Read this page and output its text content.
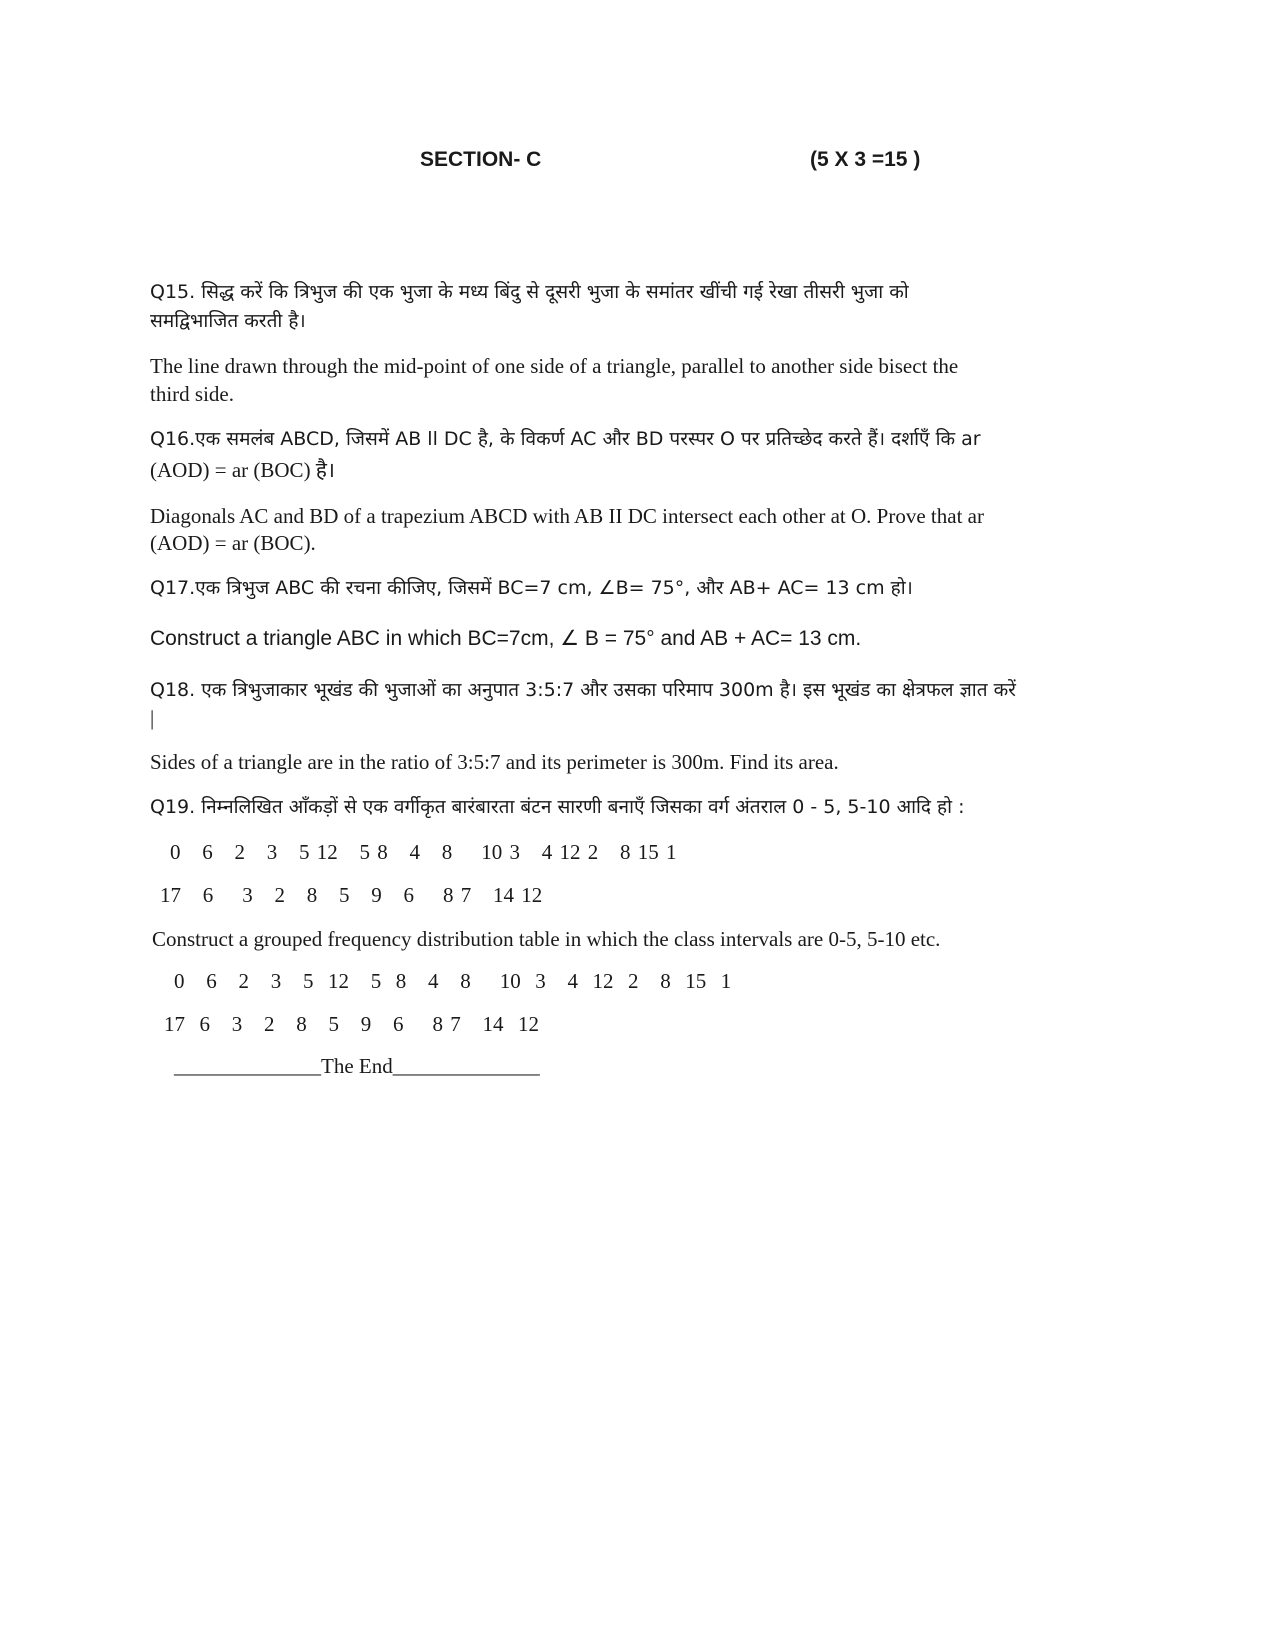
SECTION- C	(5 X 3 =15 )
Q15. सिद्ध करें कि त्रिभुज की एक भुजा के मध्य बिंदु से दूसरी भुजा के समांतर खींची गई रेखा तीसरी भुजा को
समद्विभाजित करती है।
The line drawn through the mid-point of one side of a triangle, parallel to another side bisect the
third side.
Q16.एक समलंब ABCD, जिसमें AB ll DC है, के विकर्ण AC और BD परस्पर O पर प्रतिच्छेद करते हैं। दर्शाएँ कि ar
(AOD) = ar (BOC) है।
Diagonals AC and BD of a trapezium ABCD with AB II DC intersect each other at O. Prove that ar
(AOD) = ar (BOC).
Q17.एक त्रिभुज ABC की रचना कीजिए, जिसमें BC=7 cm, ∠B= 75°, और AB+ AC= 13 cm हो।
Construct a triangle ABC in which BC=7cm, ∠ B = 75° and AB + AC= 13 cm.
Q18. एक त्रिभुजाकार भूखंड की भुजाओं का अनुपात 3:5:7 और उसका परिमाप 300m है। इस भूखंड का क्षेत्रफल ज्ञात करें
|
Sides of a triangle are in the ratio of 3:5:7 and its perimeter is 300m. Find its area.
Q19. निम्नलिखित आँकड़ों से एक वर्गीकृत बारंबारता बंटन सारणी बनाएँ जिसका वर्ग अंतराल 0 - 5, 5-10 आदि हो :
0   6   2   3   5 12   5 8   4   8    10 3   4 12 2   8 15 1
17   6    3   2   8   5   9   6    8 7   14 12
Construct a grouped frequency distribution table in which the class intervals are 0-5, 5-10 etc.
0   6   2   3   5  12   5  8   4   8    10  3   4  12  2   8  15  1
17  6   3   2   8   5   9   6    8 7   14  12
______________The End______________
